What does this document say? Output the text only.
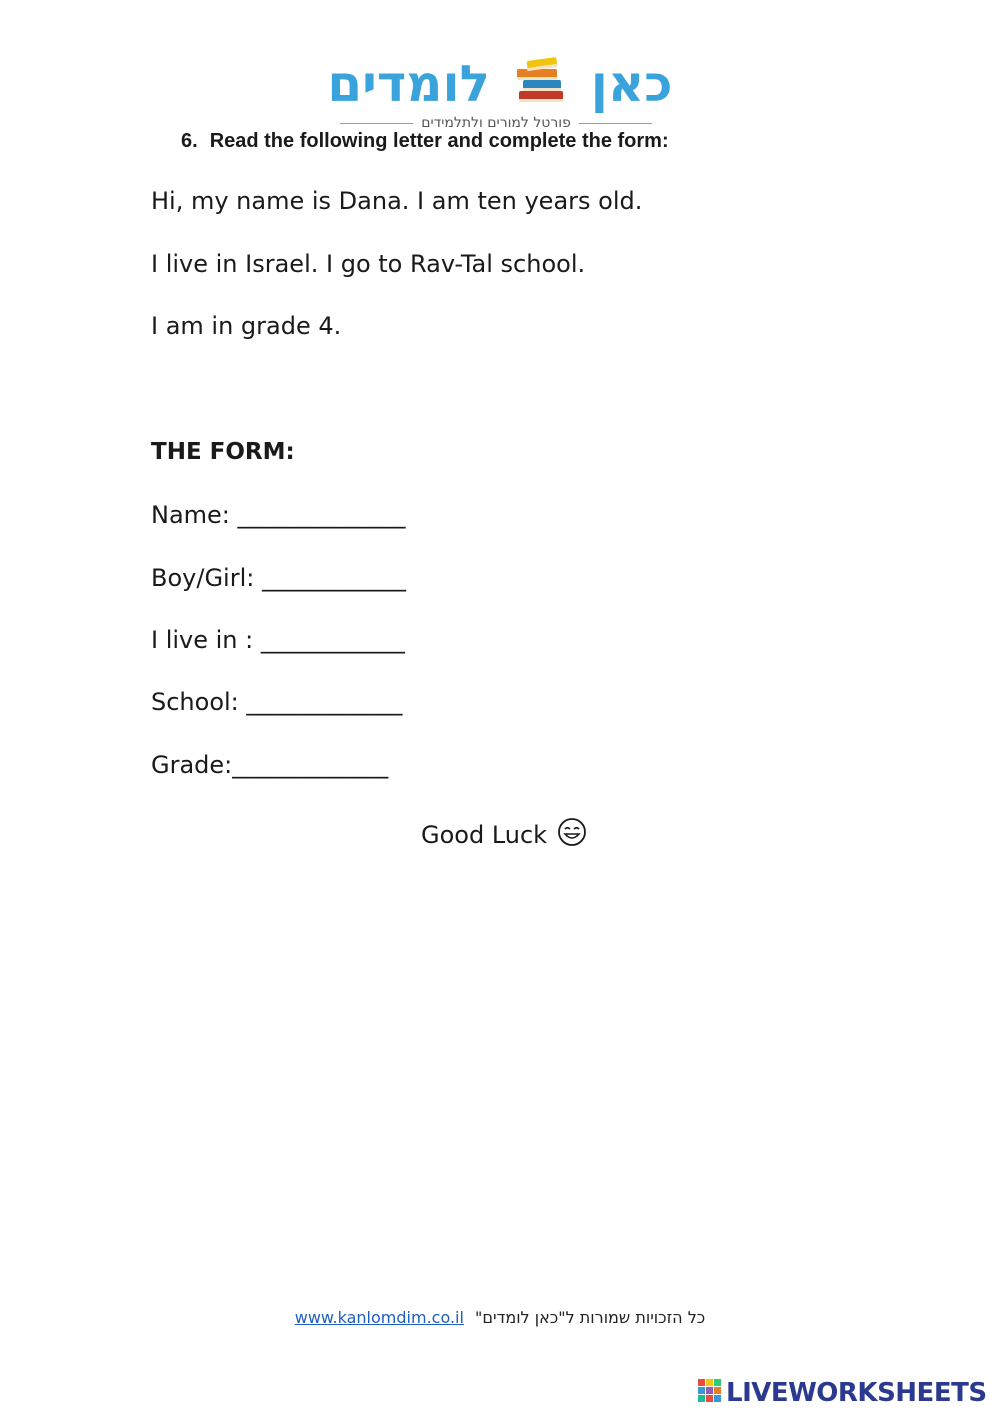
כאן  לומדים
פורטל למורים ולתלמידים
6. Read the following letter and complete the form:
Hi, my name is Dana. I am ten years old.
I live in Israel. I go to Rav-Tal school.
I am in grade 4.
THE FORM:
Name: ______________
Boy/Girl: ____________
I live in : ____________
School: _____________
Grade:_____________
Good Luck
www.kanlomdim.co.il כל הזכויות שמורות ל"כאן לומדים"
LIVEWORKSHEETS
